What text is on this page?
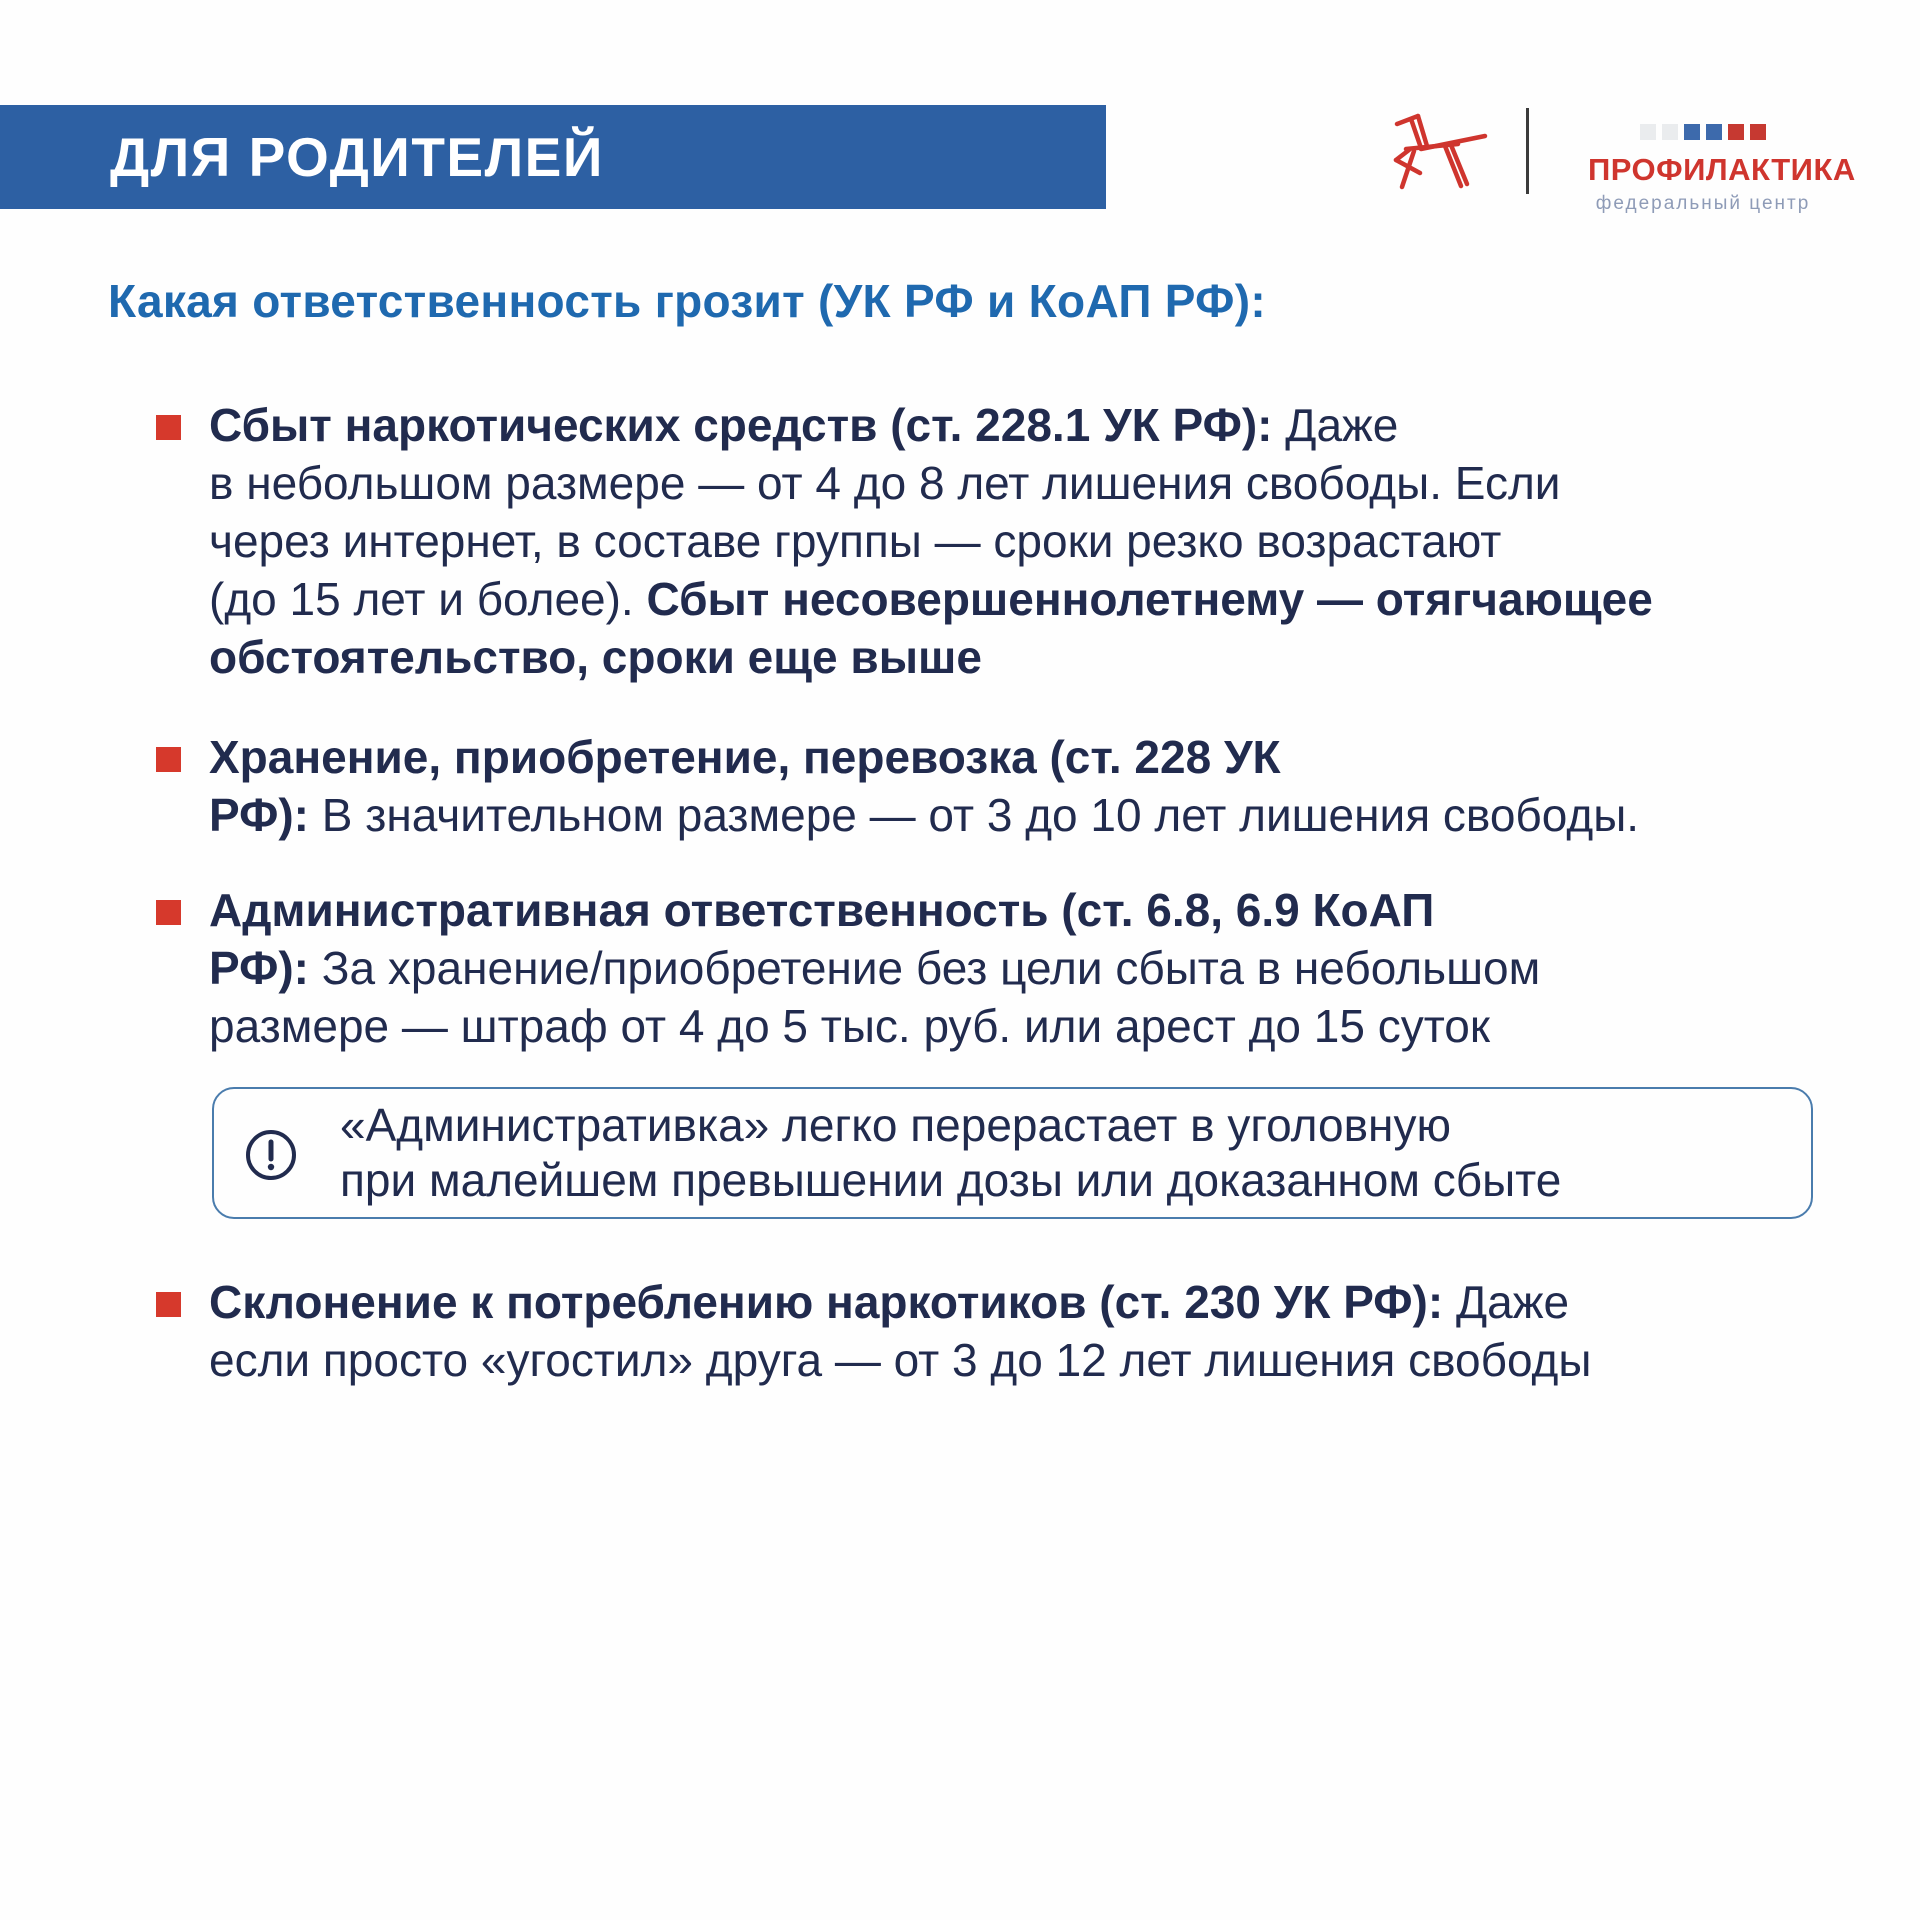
ДЛЯ РОДИТЕЛЕЙ	ПРОФИЛАКТИКА
федеральный центр
Какая ответственность грозит (УК РФ и КоАП РФ):
Сбыт наркотических средств (ст. 228.1 УК РФ): Даже
в небольшом размере — от 4 до 8 лет лишения свободы. Если
через интернет, в составе группы — сроки резко возрастают
(до 15 лет и более). Сбыт несовершеннолетнему — отягчающее
обстоятельство, сроки еще выше
Хранение, приобретение, перевозка (ст. 228 УК
РФ): В значительном размере — от 3 до 10 лет лишения свободы.
Административная ответственность (ст. 6.8, 6.9 КоАП
РФ): За хранение/приобретение без цели сбыта в небольшом
размере — штраф от 4 до 5 тыс. руб. или арест до 15 суток
«Административка» легко перерастает в уголовную
при малейшем превышении дозы или доказанном сбыте
Склонение к потреблению наркотиков (ст. 230 УК РФ): Даже
если просто «угостил» друга — от 3 до 12 лет лишения свободы
